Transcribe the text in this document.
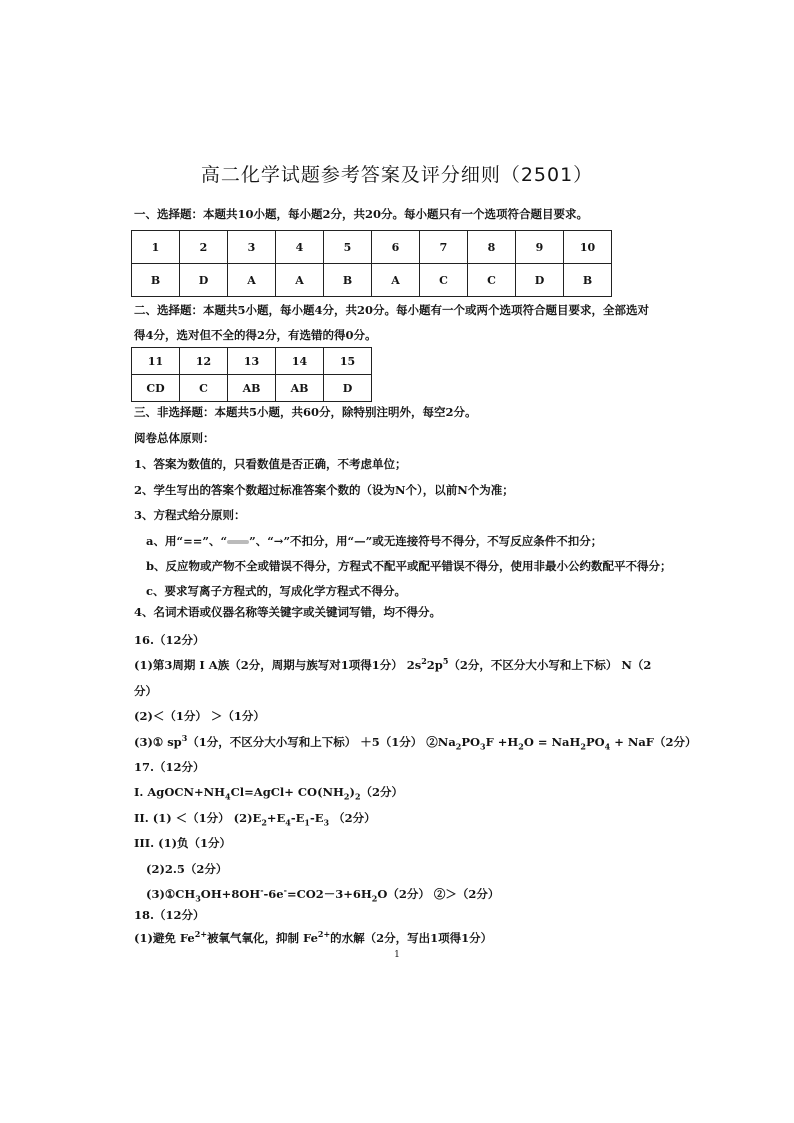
高二化学试题参考答案及评分细则（2501）
一、选择题：本题共10小题，每小题2分，共20分。每小题只有一个选项符合题目要求。
1	2	3	4	5	6	7	8	9	10
B	D	A	A	B	A	C	C	D	B
二、选择题：本题共5小题，每小题4分，共20分。每小题有一个或两个选项符合题目要求，全部选对
得4分，选对但不全的得2分，有选错的得0分。
11	12	13	14	15
CD	C	AB	AB	D
三、非选择题：本题共5小题，共60分，除特别注明外，每空2分。
阅卷总体原则：
1、答案为数值的，只看数值是否正确，不考虑单位；
2、学生写出的答案个数超过标准答案个数的（设为N个），以前N个为准；
3、方程式给分原则：
a、用“==”、“ ”、“→”不扣分，用“—”或无连接符号不得分，不写反应条件不扣分；
b、反应物或产物不全或错误不得分，方程式不配平或配平错误不得分，使用非最小公约数配平不得分；
c、要求写离子方程式的，写成化学方程式不得分。
4、名词术语或仪器名称等关键字或关键词写错，均不得分。
16.（12分）
(1)第3周期 I A族（2分，周期与族写对1项得1分） $2s^22p^5(2$分，不区分大小写和上下标） N（2
分）
(2)＜（1分） ＞（1分）
(3)① $sp^3(1$分，不区分大小写和上下标） ＋5（1分） $②Na_2PO_3F +H_2O = NaH_2PO_4 + NaF(2$分）
17.（12分）
I. $AgOCN+NH_4Cl=AgCl+ CO(NH_2)_2(2$分）
II. (1) ＜（1分） $(2)E_2+E_4-E_1-E_3$ （2分）
III. (1)负（1分）
(2)2.5（2分）
$(3)①CH_3OH+8OH^--6e^-=CO2-3+6H_2O(2$分） ②＞（2分）
18.（12分）
(1)避免 $Fe^{2+}$被氧气氧化，抑制 $Fe^{2+}$的水解（2分，写出1项得1分）
1
